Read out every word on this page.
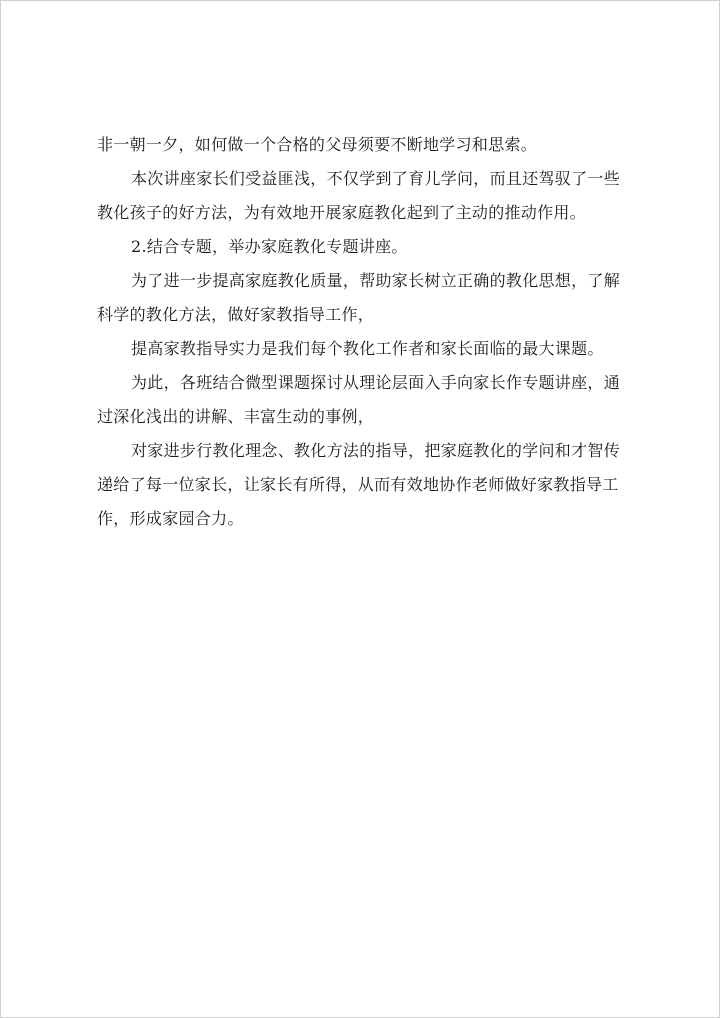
非一朝一夕，如何做一个合格的父母须要不断地学习和思索。
本次讲座家长们受益匪浅，不仅学到了育儿学问，而且还驾驭了一些
教化孩子的好方法，为有效地开展家庭教化起到了主动的推动作用。
2.结合专题，举办家庭教化专题讲座。
为了进一步提高家庭教化质量，帮助家长树立正确的教化思想，了解
科学的教化方法，做好家教指导工作，
提高家教指导实力是我们每个教化工作者和家长面临的最大课题。
为此，各班结合微型课题探讨从理论层面入手向家长作专题讲座，通
过深化浅出的讲解、丰富生动的事例，
对家进步行教化理念、教化方法的指导，把家庭教化的学问和才智传
递给了每一位家长，让家长有所得，从而有效地协作老师做好家教指导工
作，形成家园合力。
